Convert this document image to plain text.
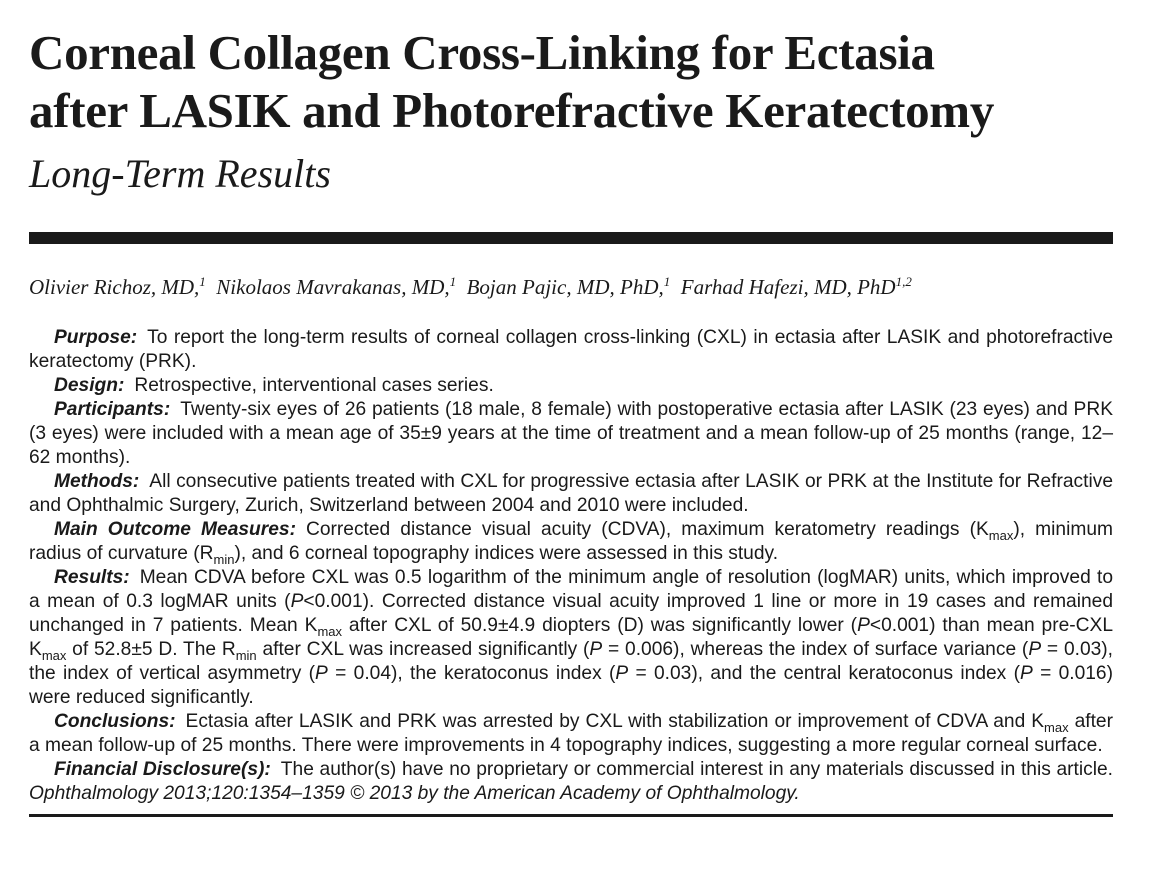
Corneal Collagen Cross-Linking for Ectasia
after LASIK and Photorefractive Keratectomy
Long-Term Results
Olivier Richoz, MD,$^1$ Nikolaos Mavrakanas, MD,$^1$ Bojan Pajic, MD, PhD,$^1$ Farhad Hafezi, MD, PhD$^{1,2}$

Purpose: To report the long-term results of corneal collagen cross-linking (CXL) in ectasia after LASIK and photorefractive keratectomy (PRK).

Design: Retrospective, interventional cases series.

Participants: Twenty-six eyes of 26 patients (18 male, 8 female) with postoperative ectasia after LASIK (23 eyes) and PRK (3 eyes) were included with a mean age of 35±9 years at the time of treatment and a mean follow-up of 25 months (range, 12–62 months).

Methods: All consecutive patients treated with CXL for progressive ectasia after LASIK or PRK at the Institute for Refractive and Ophthalmic Surgery, Zurich, Switzerland between 2004 and 2010 were included.

Main Outcome Measures: Corrected distance visual acuity (CDVA), maximum keratometry readings $(K_{max})$, minimum radius of curvature $(R_{min})$, and 6 corneal topography indices were assessed in this study.

Results: Mean CDVA before CXL was 0.5 logarithm of the minimum angle of resolution (logMAR) units, which improved to a mean of 0.3 logMAR units (P<0.001). Corrected distance visual acuity improved 1 line or more in 19 cases and remained unchanged in 7 patients. Mean $K_{max}$ after CXL of 50.9±4.9 diopters (D) was significantly lower (P<0.001) than mean pre-CXL $K_{max}$ of 52.8±5 D. The $R_{min}$ after CXL was increased significantly (P = 0.006), whereas the index of surface variance (P = 0.03), the index of vertical asymmetry (P = 0.04), the keratoconus index (P = 0.03), and the central keratoconus index (P = 0.016) were reduced significantly.

Conclusions: Ectasia after LASIK and PRK was arrested by CXL with stabilization or improvement of CDVA and $K_{max}$ after a mean follow-up of 25 months. There were improvements in 4 topography indices, suggesting a more regular corneal surface.

Financial Disclosure(s): The author(s) have no proprietary or commercial interest in any materials discussed in this article. Ophthalmology 2013;120:1354–1359 © 2013 by the American Academy of Ophthalmology.
